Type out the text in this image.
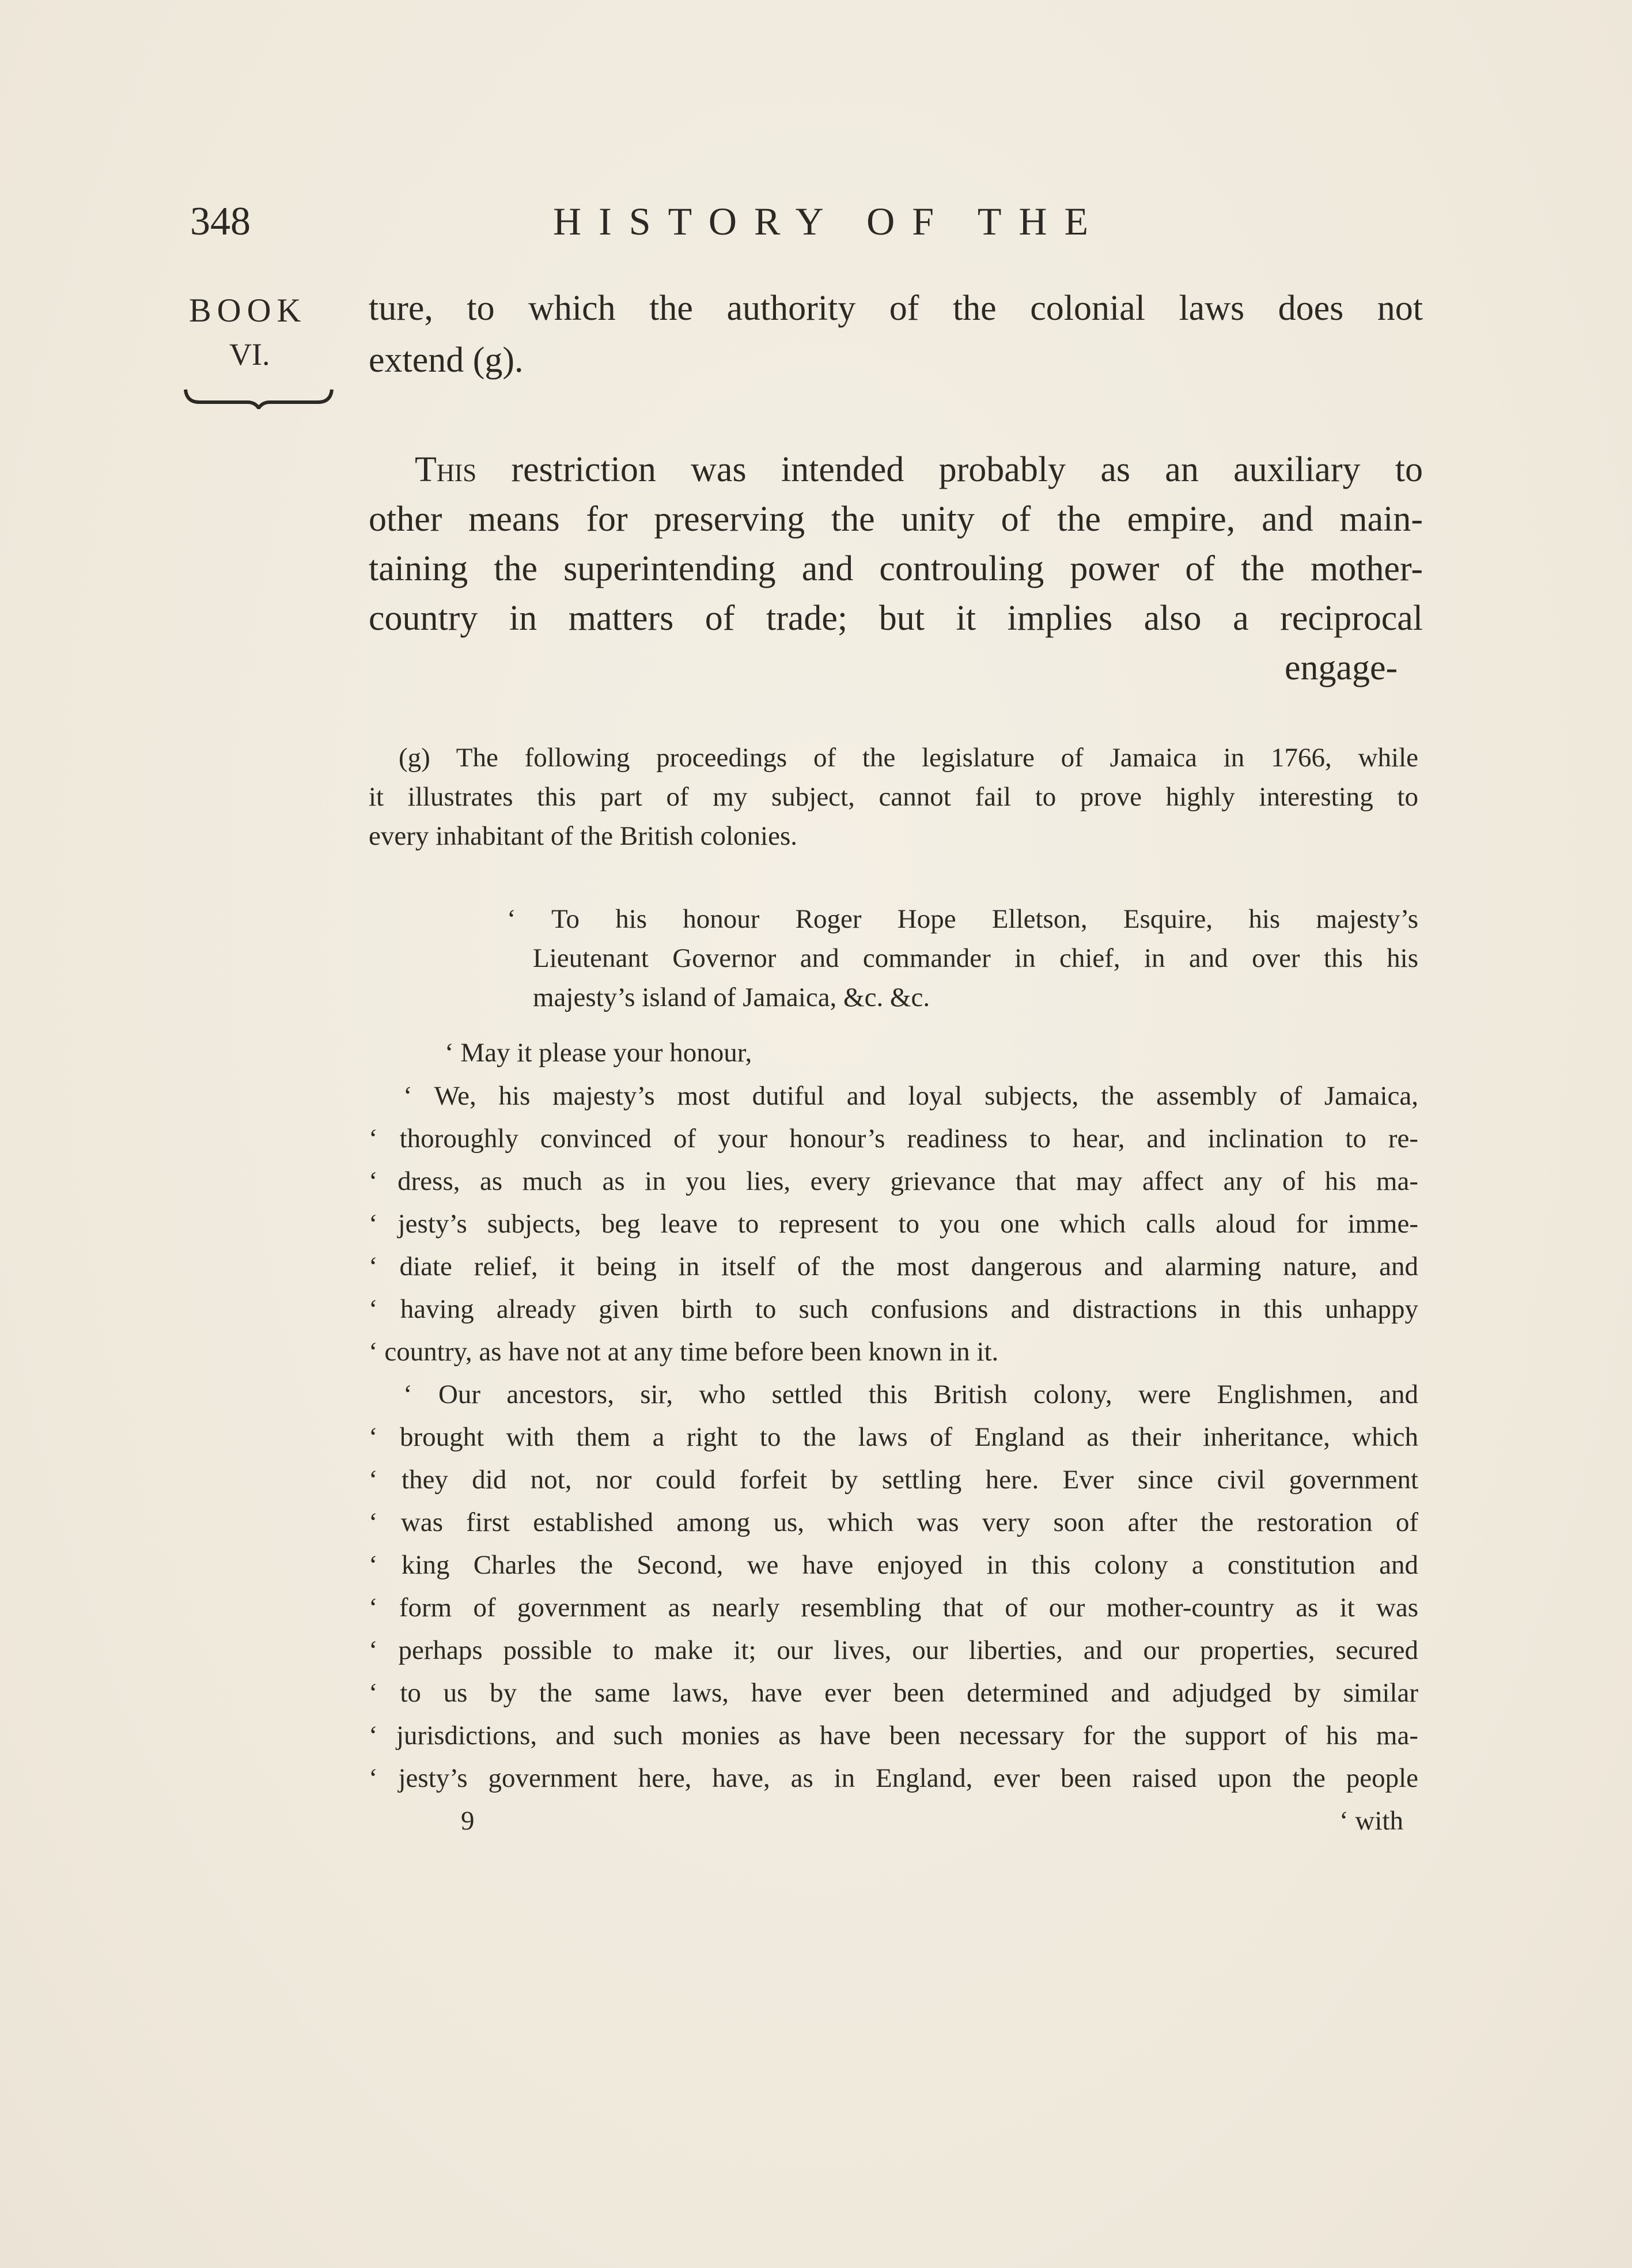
348	HISTORY OF THE
BOOK
VI.
ture, to which the authority of the colonial laws does not
extend (g).
This restriction was intended probably as an auxiliary to
other means for preserving the unity of the empire, and main-
taining the superintending and controuling power of the mother-
country in matters of trade; but it implies also a reciprocal
engage-
(g) The following proceedings of the legislature of Jamaica in 1766, while
it illustrates this part of my subject, cannot fail to prove highly interesting to
every inhabitant of the British colonies.
‘ To his honour Roger Hope Elletson, Esquire, his majesty’s
Lieutenant Governor and commander in chief, in and over this his
majesty’s island of Jamaica, &c. &c.
‘ May it please your honour,
‘ We, his majesty’s most dutiful and loyal subjects, the assembly of Jamaica,
‘ thoroughly convinced of your honour’s readiness to hear, and inclination to re-
‘ dress, as much as in you lies, every grievance that may affect any of his ma-
‘ jesty’s subjects, beg leave to represent to you one which calls aloud for imme-
‘ diate relief, it being in itself of the most dangerous and alarming nature, and
‘ having already given birth to such confusions and distractions in this unhappy
‘ country, as have not at any time before been known in it.
‘ Our ancestors, sir, who settled this British colony, were Englishmen, and
‘ brought with them a right to the laws of England as their inheritance, which
‘ they did not, nor could forfeit by settling here. Ever since civil government
‘ was first established among us, which was very soon after the restoration of
‘ king Charles the Second, we have enjoyed in this colony a constitution and
‘ form of government as nearly resembling that of our mother-country as it was
‘ perhaps possible to make it; our lives, our liberties, and our properties, secured
‘ to us by the same laws, have ever been determined and adjudged by similar
‘ jurisdictions, and such monies as have been necessary for the support of his ma-
‘ jesty’s government here, have, as in England, ever been raised upon the people
9	‘ with
